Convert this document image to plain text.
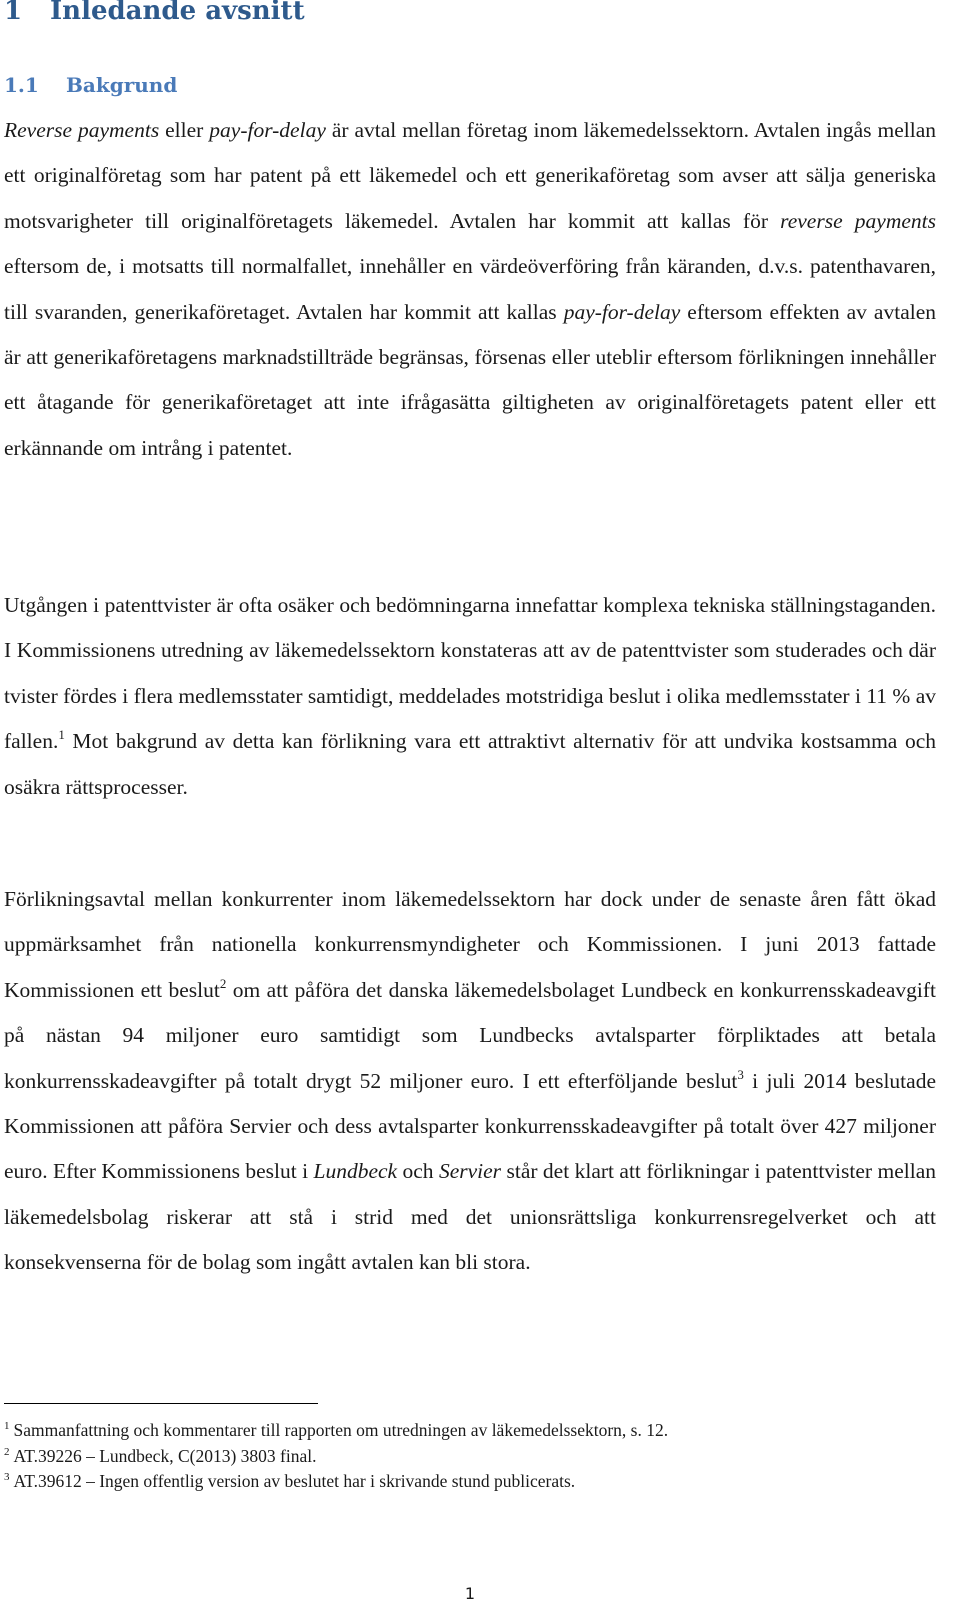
1 Inledande avsnitt
1.1 Bakgrund

Reverse payments eller pay-for-delay är avtal mellan företag inom läkemedelssektorn. Avtalen ingås mellan ett originalföretag som har patent på ett läkemedel och ett generikaföretag som avser att sälja generiska motsvarigheter till originalföretagets läkemedel. Avtalen har kommit att kallas för reverse payments eftersom de, i motsatts till normalfallet, innehåller en värdeöverföring från käranden, d.v.s. patenthavaren, till svaranden, generikaföretaget. Avtalen har kommit att kallas pay-for-delay eftersom effekten av avtalen är att generikaföretagens marknadstillträde begränsas, försenas eller uteblir eftersom förlikningen innehåller ett åtagande för generikaföretaget att inte ifrågasätta giltigheten av originalföretagets patent eller ett erkännande om intrång i patentet.

Utgången i patenttvister är ofta osäker och bedömningarna innefattar komplexa tekniska ställningstaganden. I Kommissionens utredning av läkemedelssektorn konstateras att av de patenttvister som studerades och där tvister fördes i flera medlemsstater samtidigt, meddelades motstridiga beslut i olika medlemsstater i 11 % av fallen.$^1$ Mot bakgrund av detta kan förlikning vara ett attraktivt alternativ för att undvika kostsamma och osäkra rättsprocesser.

Förlikningsavtal mellan konkurrenter inom läkemedelssektorn har dock under de senaste åren fått ökad uppmärksamhet från nationella konkurrensmyndigheter och Kommissionen. I juni 2013 fattade Kommissionen ett beslut$^2$ om att påföra det danska läkemedelsbolaget Lundbeck en konkurrensskadeavgift på nästan 94 miljoner euro samtidigt som Lundbecks avtalsparter förpliktades att betala konkurrensskadeavgifter på totalt drygt 52 miljoner euro. I ett efterföljande beslut$^3$ i juli 2014 beslutade Kommissionen att påföra Servier och dess avtalsparter konkurrensskadeavgifter på totalt över 427 miljoner euro. Efter Kommissionens beslut i Lundbeck och Servier står det klart att förlikningar i patenttvister mellan läkemedelsbolag riskerar att stå i strid med det unionsrättsliga konkurrensregelverket och att konsekvenserna för de bolag som ingått avtalen kan bli stora.

$^1$ Sammanfattning och kommentarer till rapporten om utredningen av läkemedelssektorn, s. 12.
$^2$ AT.39226 – Lundbeck, C(2013) 3803 final.
$^3$ AT.39612 – Ingen offentlig version av beslutet har i skrivande stund publicerats.
1
